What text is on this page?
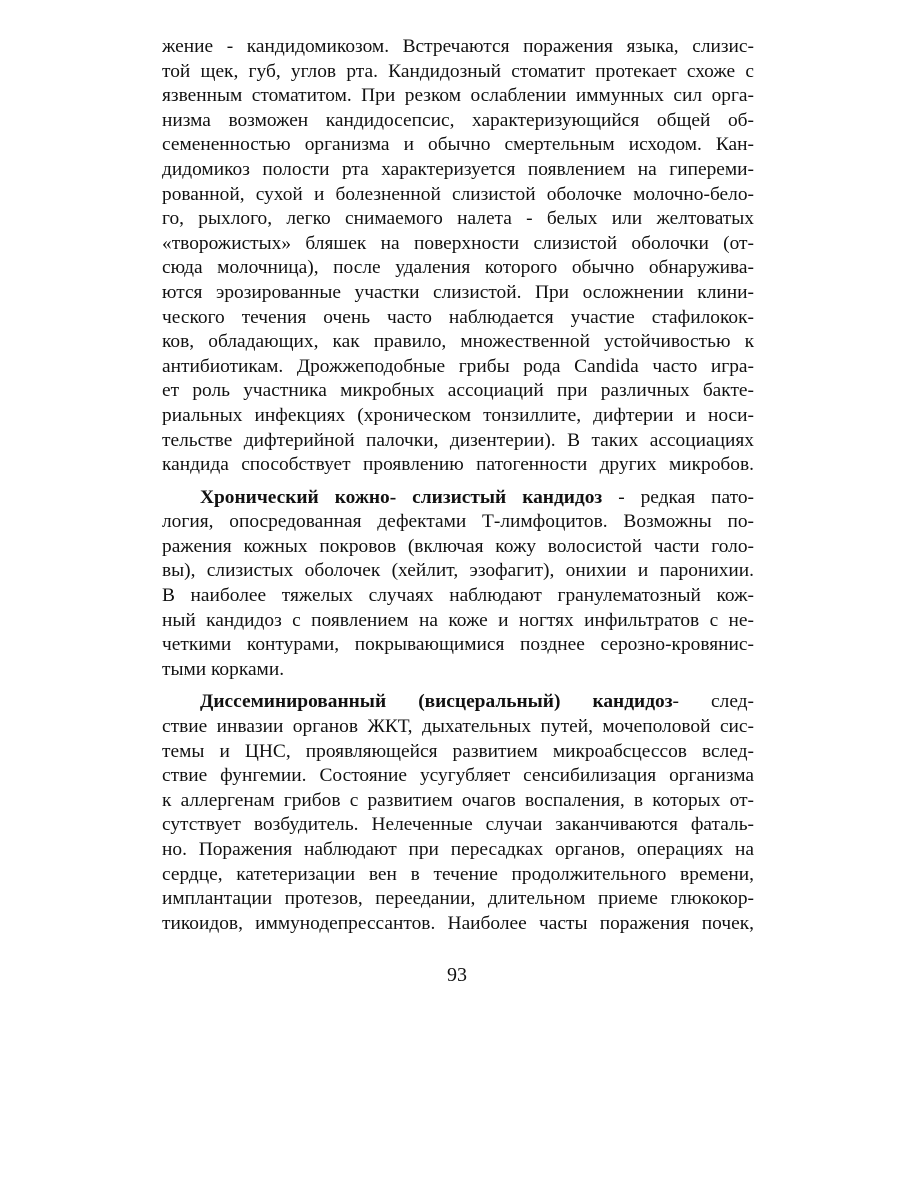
жение - кандидомикозом. Встречаются поражения языка, слизис-
той щек, губ, углов рта. Кандидозный стоматит протекает схоже с
язвенным стоматитом. При резком ослаблении иммунных сил орга-
низма возможен кандидосепсис, характеризующийся общей об-
семененностью организма и обычно смертельным исходом. Кан-
дидомикоз полости рта характеризуется появлением на гипереми-
рованной, сухой и болезненной слизистой оболочке молочно-бело-
го, рыхлого, легко снимаемого налета - белых или желтоватых
«творожистых» бляшек на поверхности слизистой оболочки (от-
сюда молочница), после удаления которого обычно обнаружива-
ются эрозированные участки слизистой. При осложнении клини-
ческого течения очень часто наблюдается участие стафилокок-
ков, обладающих, как правило, множественной устойчивостью к
антибиотикам. Дрожжеподобные грибы рода Candida часто игра-
ет роль участника микробных ассоциаций при различных бакте-
риальных инфекциях (хроническом тонзиллите, дифтерии и носи-
тельстве дифтерийной палочки, дизентерии). В таких ассоциациях
кандида способствует проявлению патогенности других микробов.
Хронический кожно- слизистый кандидоз - редкая пато-
логия, опосредованная дефектами Т-лимфоцитов. Возможны по-
ражения кожных покровов (включая кожу волосистой части голо-
вы), слизистых оболочек (хейлит, эзофагит), онихии и паронихии.
В наиболее тяжелых случаях наблюдают гранулематозный кож-
ный кандидоз с появлением на коже и ногтях инфильтратов с не-
четкими контурами, покрывающимися позднее серозно-кровянис-
тыми корками.
Диссеминированный (висцеральный) кандидоз- след-
ствие инвазии органов ЖКТ, дыхательных путей, мочеполовой сис-
темы и ЦНС, проявляющейся развитием микроабсцессов вслед-
ствие фунгемии. Состояние усугубляет сенсибилизация организма
к аллергенам грибов с развитием очагов воспаления, в которых от-
сутствует возбудитель. Нелеченные случаи заканчиваются фаталь-
но. Поражения наблюдают при пересадках органов, операциях на
сердце, катетеризации вен в течение продолжительного времени,
имплантации протезов, переедании, длительном приеме глюкокор-
тикоидов, иммунодепрессантов. Наиболее часты поражения почек,
93
